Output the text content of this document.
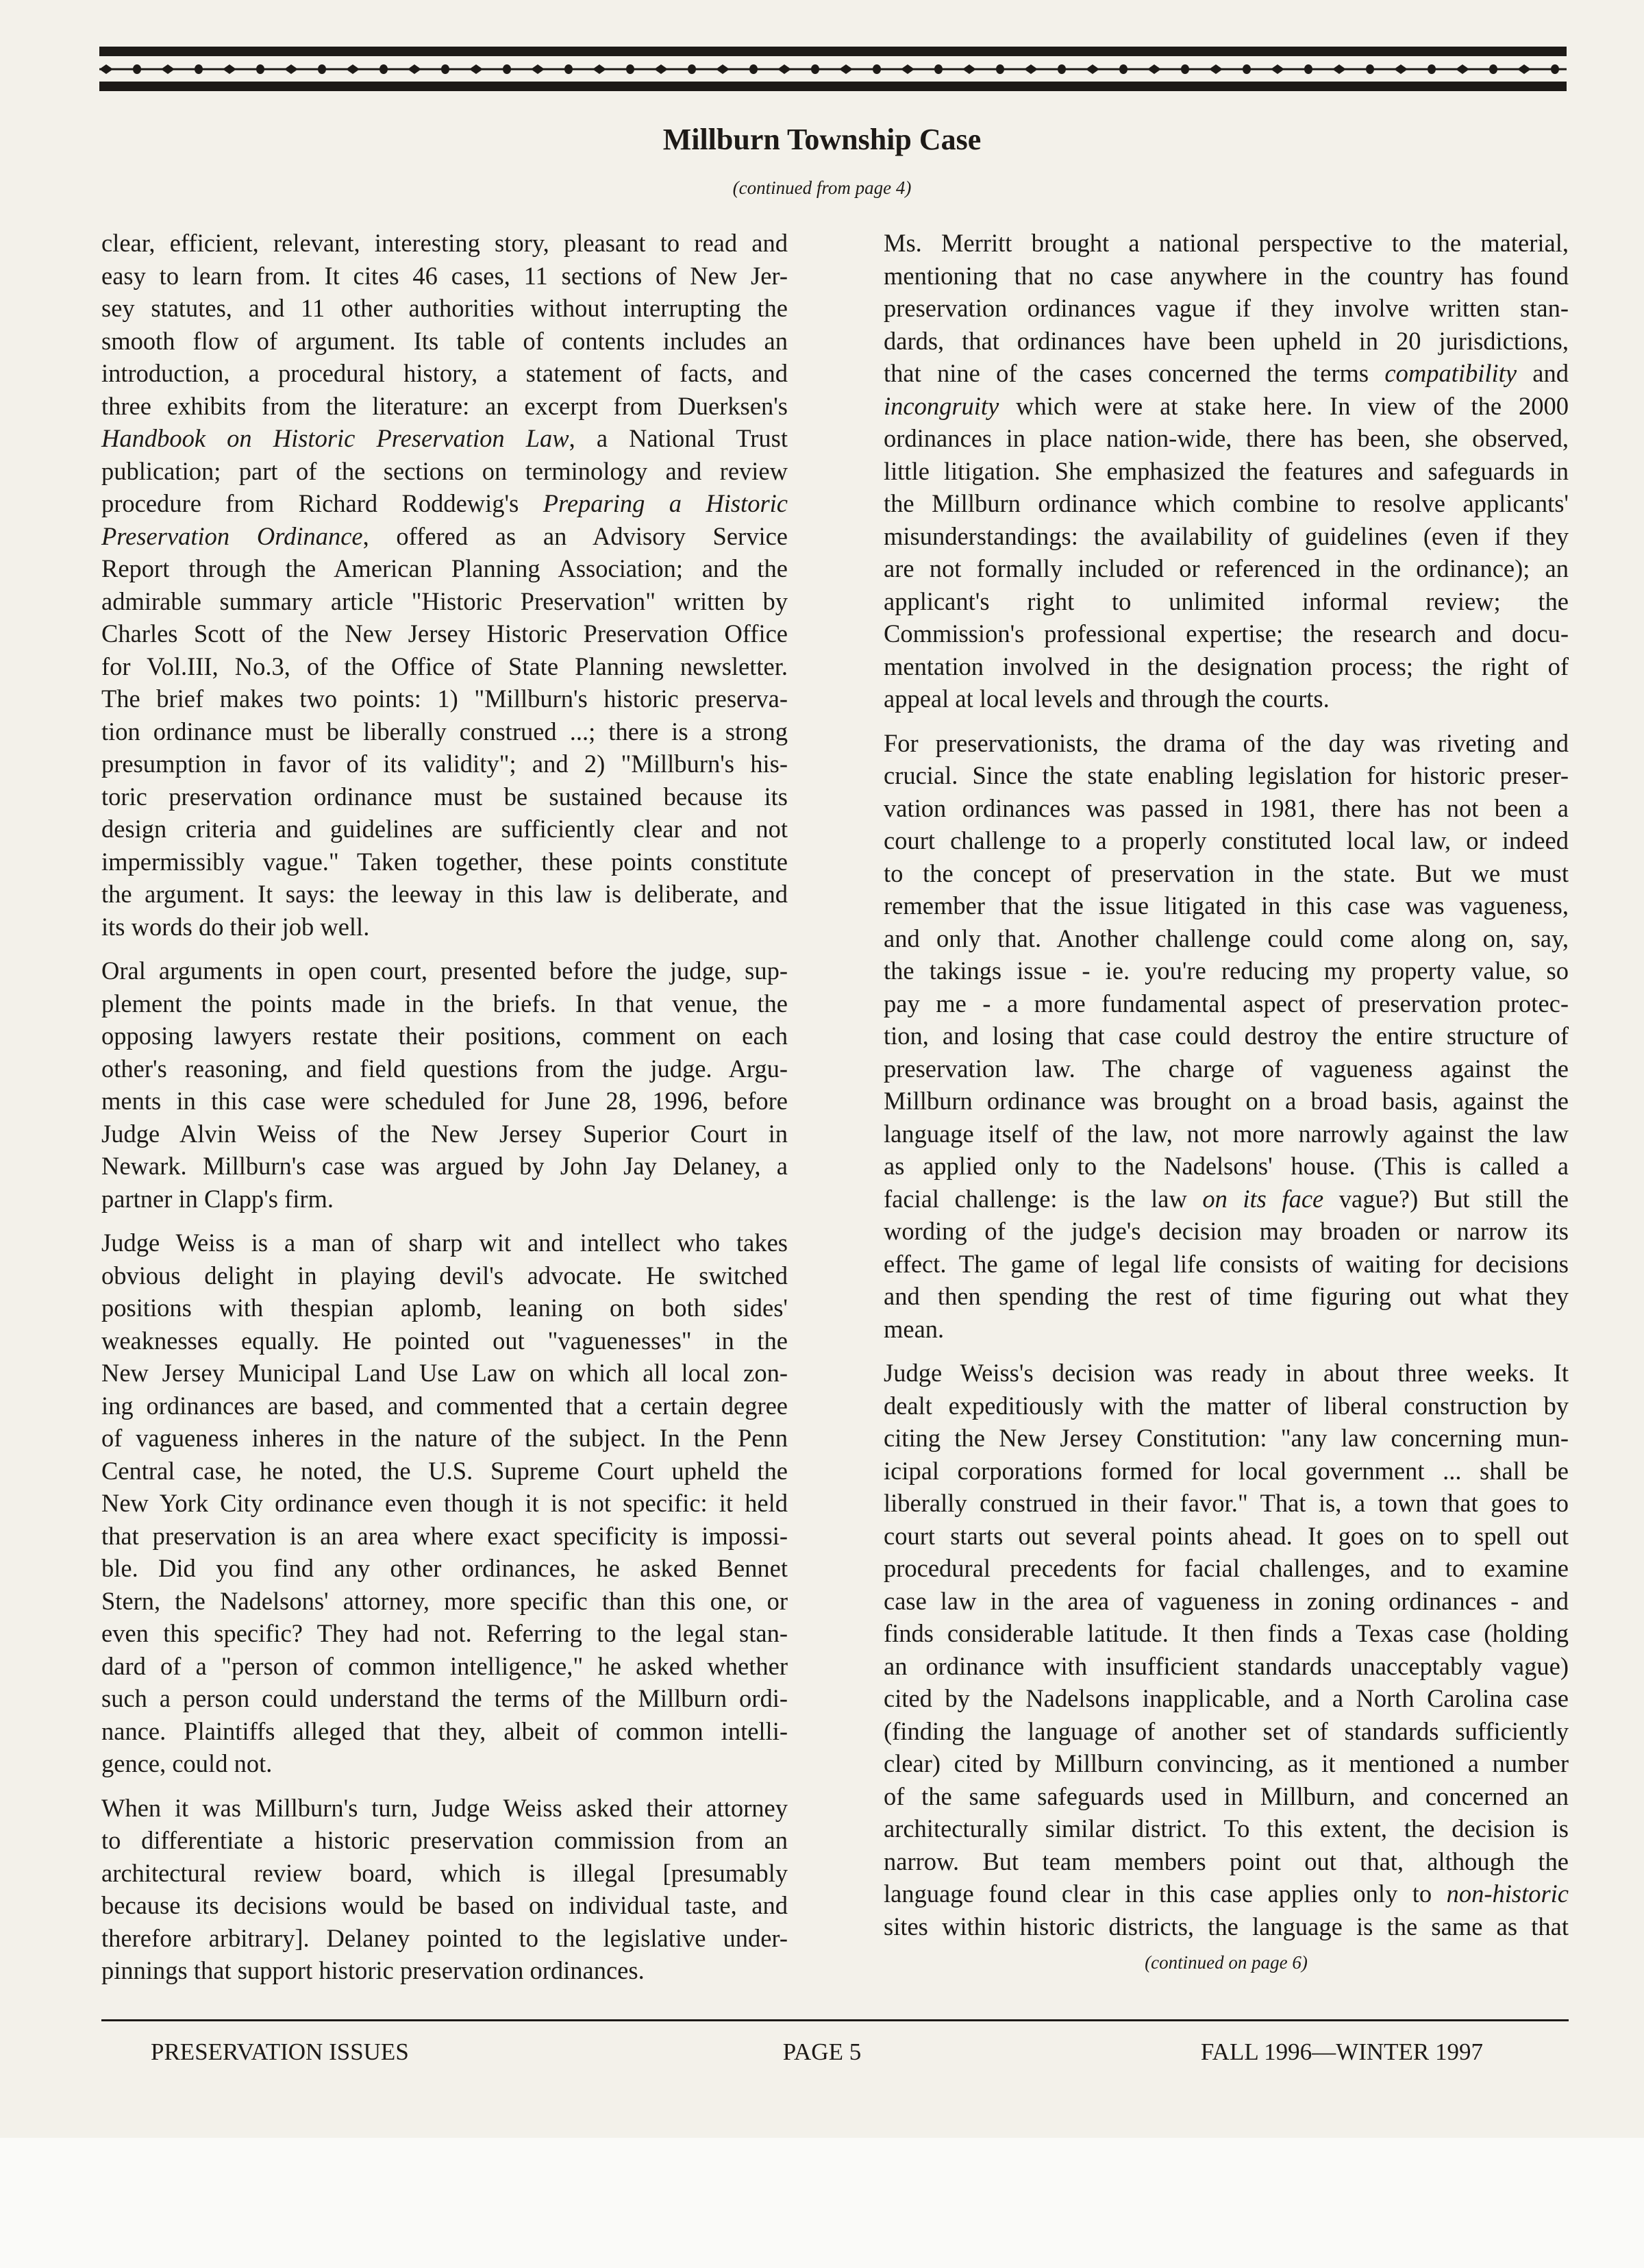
Millburn Township Case
(continued from page 4)
clear, efficient, relevant, interesting story, pleasant to read and
easy to learn from. It cites 46 cases, 11 sections of New Jer-
sey statutes, and 11 other authorities without interrupting the
smooth flow of argument. Its table of contents includes an
introduction, a procedural history, a statement of facts, and
three exhibits from the literature: an excerpt from Duerksen's
Handbook on Historic Preservation Law, a National Trust
publication; part of the sections on terminology and review
procedure from Richard Roddewig's Preparing a Historic
Preservation Ordinance, offered as an Advisory Service
Report through the American Planning Association; and the
admirable summary article "Historic Preservation" written by
Charles Scott of the New Jersey Historic Preservation Office
for Vol.III, No.3, of the Office of State Planning newsletter.
The brief makes two points: 1) "Millburn's historic preserva-
tion ordinance must be liberally construed ...; there is a strong
presumption in favor of its validity"; and 2) "Millburn's his-
toric preservation ordinance must be sustained because its
design criteria and guidelines are sufficiently clear and not
impermissibly vague." Taken together, these points constitute
the argument. It says: the leeway in this law is deliberate, and
its words do their job well.
Oral arguments in open court, presented before the judge, sup-
plement the points made in the briefs. In that venue, the
opposing lawyers restate their positions, comment on each
other's reasoning, and field questions from the judge. Argu-
ments in this case were scheduled for June 28, 1996, before
Judge Alvin Weiss of the New Jersey Superior Court in
Newark. Millburn's case was argued by John Jay Delaney, a
partner in Clapp's firm.
Judge Weiss is a man of sharp wit and intellect who takes
obvious delight in playing devil's advocate. He switched
positions with thespian aplomb, leaning on both sides'
weaknesses equally. He pointed out "vaguenesses" in the
New Jersey Municipal Land Use Law on which all local zon-
ing ordinances are based, and commented that a certain degree
of vagueness inheres in the nature of the subject. In the Penn
Central case, he noted, the U.S. Supreme Court upheld the
New York City ordinance even though it is not specific: it held
that preservation is an area where exact specificity is impossi-
ble. Did you find any other ordinances, he asked Bennet
Stern, the Nadelsons' attorney, more specific than this one, or
even this specific? They had not. Referring to the legal stan-
dard of a "person of common intelligence," he asked whether
such a person could understand the terms of the Millburn ordi-
nance. Plaintiffs alleged that they, albeit of common intelli-
gence, could not.
When it was Millburn's turn, Judge Weiss asked their attorney
to differentiate a historic preservation commission from an
architectural review board, which is illegal [presumably
because its decisions would be based on individual taste, and
therefore arbitrary]. Delaney pointed to the legislative under-
pinnings that support historic preservation ordinances.
Ms. Merritt brought a national perspective to the material,
mentioning that no case anywhere in the country has found
preservation ordinances vague if they involve written stan-
dards, that ordinances have been upheld in 20 jurisdictions,
that nine of the cases concerned the terms compatibility and
incongruity which were at stake here. In view of the 2000
ordinances in place nation-wide, there has been, she observed,
little litigation. She emphasized the features and safeguards in
the Millburn ordinance which combine to resolve applicants'
misunderstandings: the availability of guidelines (even if they
are not formally included or referenced in the ordinance); an
applicant's right to unlimited informal review; the
Commission's professional expertise; the research and docu-
mentation involved in the designation process; the right of
appeal at local levels and through the courts.
For preservationists, the drama of the day was riveting and
crucial. Since the state enabling legislation for historic preser-
vation ordinances was passed in 1981, there has not been a
court challenge to a properly constituted local law, or indeed
to the concept of preservation in the state. But we must
remember that the issue litigated in this case was vagueness,
and only that. Another challenge could come along on, say,
the takings issue - ie. you're reducing my property value, so
pay me - a more fundamental aspect of preservation protec-
tion, and losing that case could destroy the entire structure of
preservation law. The charge of vagueness against the
Millburn ordinance was brought on a broad basis, against the
language itself of the law, not more narrowly against the law
as applied only to the Nadelsons' house. (This is called a
facial challenge: is the law on its face vague?) But still the
wording of the judge's decision may broaden or narrow its
effect. The game of legal life consists of waiting for decisions
and then spending the rest of time figuring out what they
mean.
Judge Weiss's decision was ready in about three weeks. It
dealt expeditiously with the matter of liberal construction by
citing the New Jersey Constitution: "any law concerning mun-
icipal corporations formed for local government ... shall be
liberally construed in their favor." That is, a town that goes to
court starts out several points ahead. It goes on to spell out
procedural precedents for facial challenges, and to examine
case law in the area of vagueness in zoning ordinances - and
finds considerable latitude. It then finds a Texas case (holding
an ordinance with insufficient standards unacceptably vague)
cited by the Nadelsons inapplicable, and a North Carolina case
(finding the language of another set of standards sufficiently
clear) cited by Millburn convincing, as it mentioned a number
of the same safeguards used in Millburn, and concerned an
architecturally similar district. To this extent, the decision is
narrow. But team members point out that, although the
language found clear in this case applies only to non-historic
sites within historic districts, the language is the same as that
(continued on page 6)
PRESERVATION ISSUES	PAGE 5	FALL 1996—WINTER 1997
